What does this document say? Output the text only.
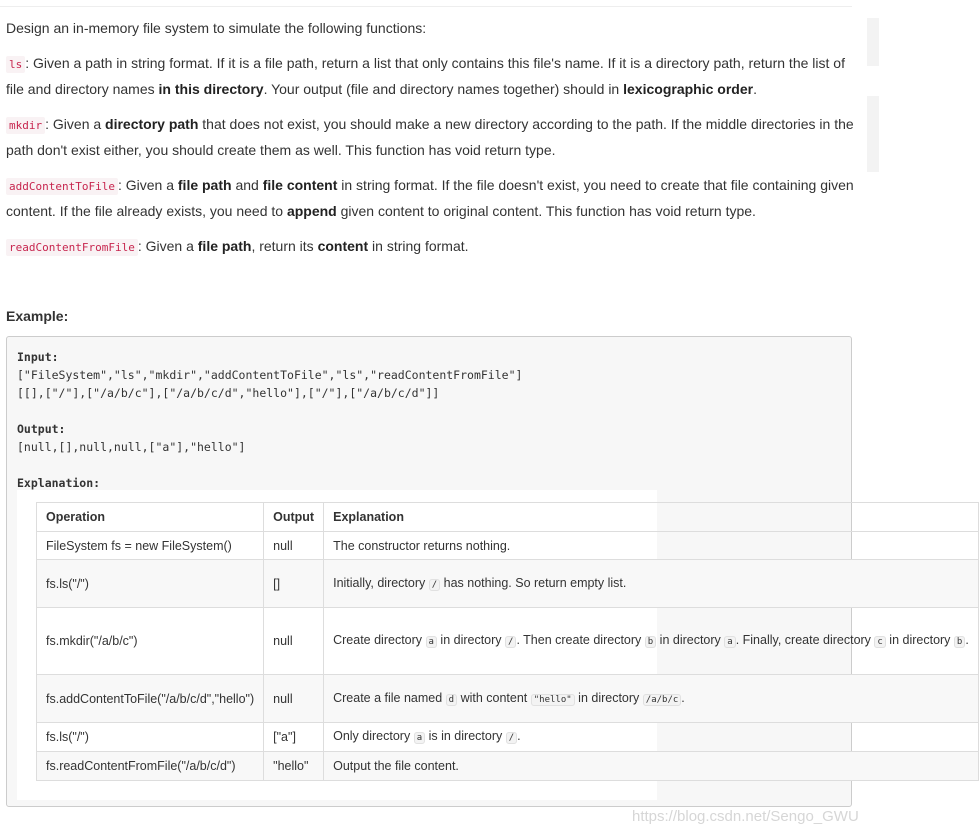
Design an in-memory file system to simulate the following functions:

ls : Given a path in string format. If it is a file path, return a list that only contains this file's name. If it is a directory path, return the list of file and directory names in this directory. Your output (file and directory names together) should in lexicographic order.

mkdir : Given a directory path that does not exist, you should make a new directory according to the path. If the middle directories in the path don't exist either, you should create them as well. This function has void return type.

addContentToFile : Given a file path and file content in string format. If the file doesn't exist, you need to create that file containing given content. If the file already exists, you need to append given content to original content. This function has void return type.

readContentFromFile : Given a file path, return its content in string format.

Example:
Input:
["FileSystem","ls","mkdir","addContentToFile","ls","readContentFromFile"]
[[],["/"],["/a/b/c"],["/a/b/c/d","hello"],["/"],["/a/b/c/d"]]
Output:
[null,[],null,null,["a"],"hello"]
Explanation:
Operation	Output	Explanation
FileSystem fs = new FileSystem()	null	The constructor returns nothing.
fs.ls("/")	[]	Initially, directory / has nothing. So return empty list.
fs.mkdir("/a/b/c")	null	Create directory a in directory / . Then create directory b in directory a . Finally, create directory c in directory b .
fs.addContentToFile("/a/b/c/d","hello")	null	Create a file named d with content "hello" in directory /a/b/c .
fs.ls("/")	["a"]	Only directory a is in directory / .
fs.readContentFromFile("/a/b/c/d")	"hello"	Output the file content.
https://blog.csdn.net/Sengo_GWU
